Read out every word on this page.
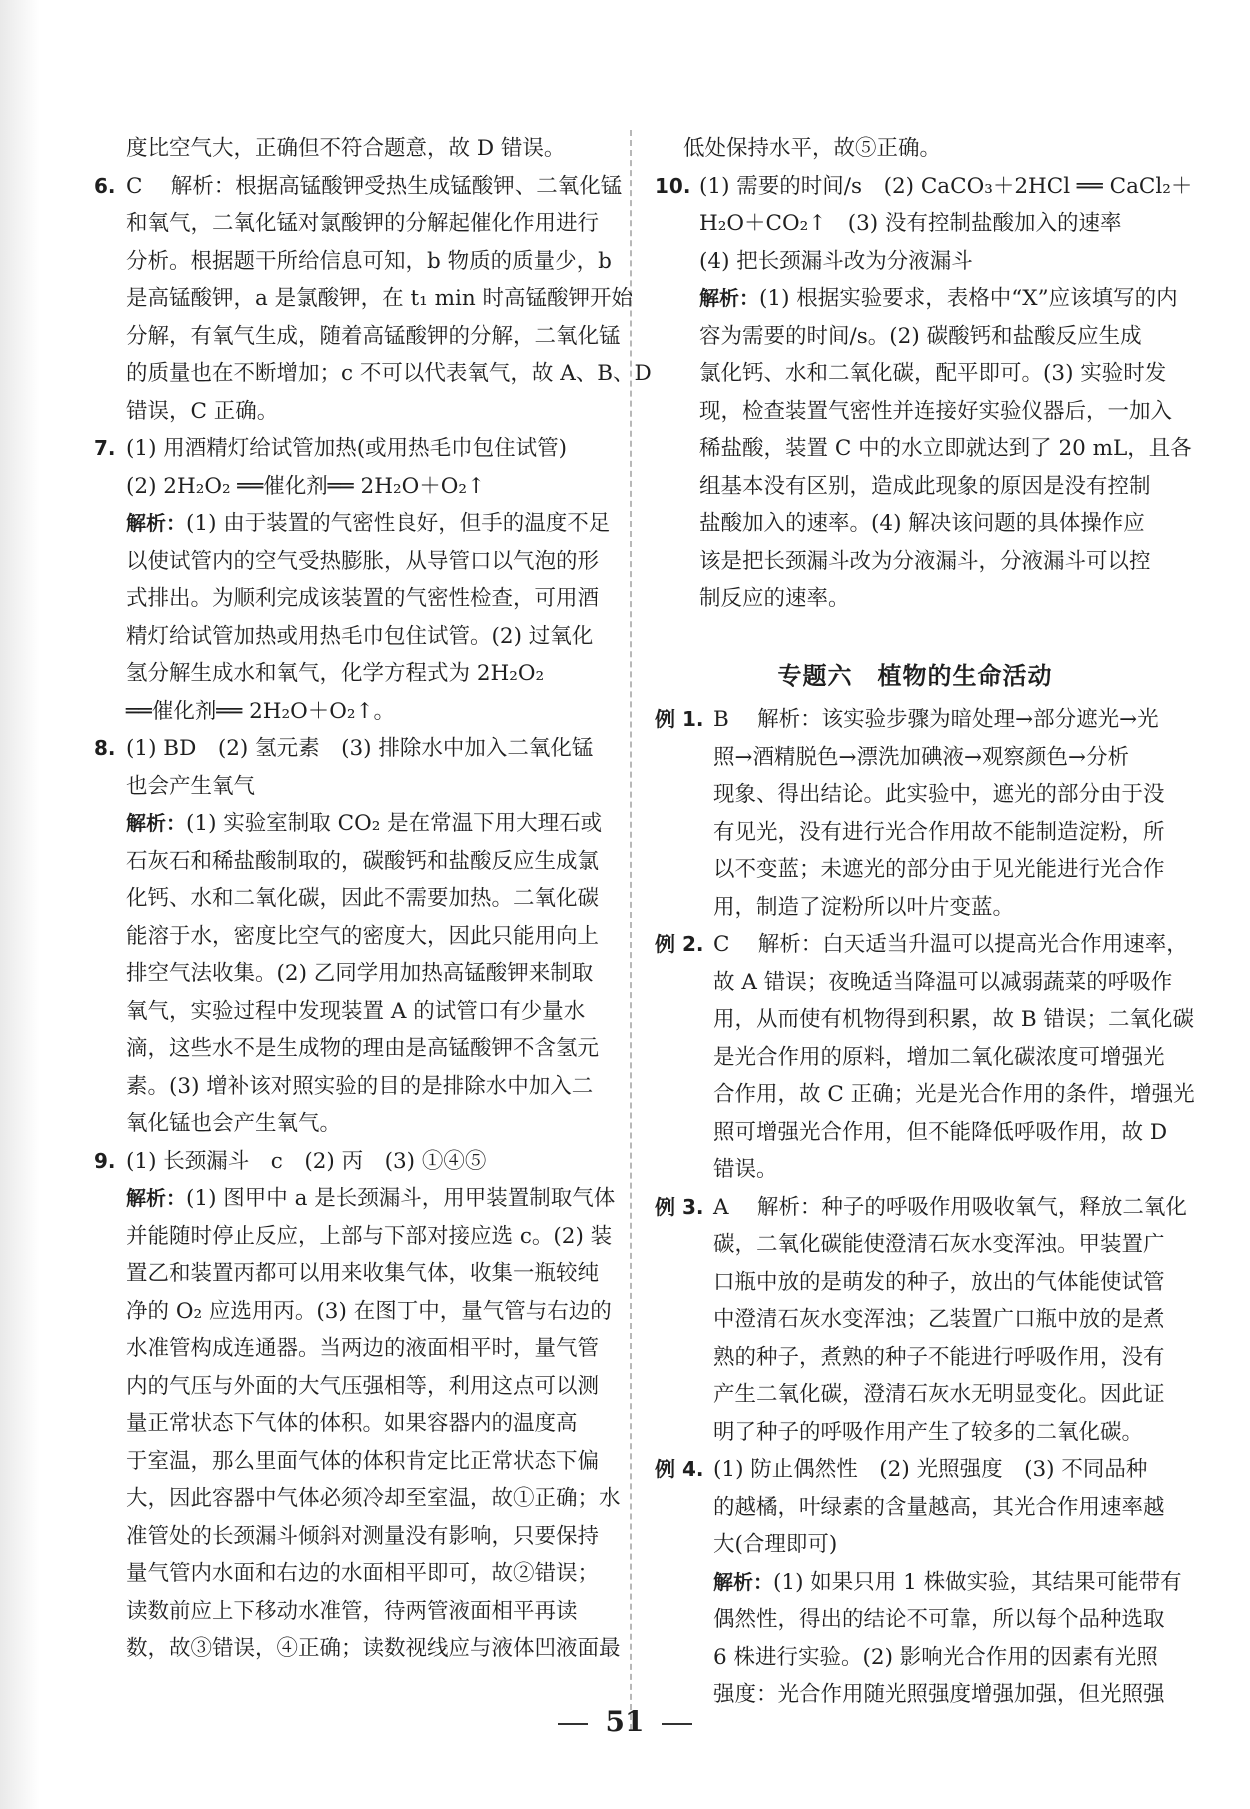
度比空气大，正确但不符合题意，故 D 错误。

6. C　 解析：根据高锰酸钾受热生成锰酸钾、二氧化锰
和氧气，二氧化锰对氯酸钾的分解起催化作用进行
分析。根据题干所给信息可知，b 物质的质量少，b
是高锰酸钾，a 是氯酸钾，在 t₁ min 时高锰酸钾开始
分解，有氧气生成，随着高锰酸钾的分解，二氧化锰
的质量也在不断增加；c 不可以代表氧气，故 A、B、D
错误，C 正确。
7. (1) 用酒精灯给试管加热(或用热毛巾包住试管)
(2) 2H₂O₂ ══催化剂══ 2H₂O＋O₂↑
解析：(1) 由于装置的气密性良好，但手的温度不足
以使试管内的空气受热膨胀，从导管口以气泡的形
式排出。为顺利完成该装置的气密性检查，可用酒
精灯给试管加热或用热毛巾包住试管。(2) 过氧化
氢分解生成水和氧气，化学方程式为 2H₂O₂
══催化剂══ 2H₂O＋O₂↑。
8. (1) BD　(2) 氢元素　(3) 排除水中加入二氧化锰
也会产生氧气
解析：(1) 实验室制取 CO₂ 是在常温下用大理石或
石灰石和稀盐酸制取的，碳酸钙和盐酸反应生成氯
化钙、水和二氧化碳，因此不需要加热。二氧化碳
能溶于水，密度比空气的密度大，因此只能用向上
排空气法收集。(2) 乙同学用加热高锰酸钾来制取
氧气，实验过程中发现装置 A 的试管口有少量水
滴，这些水不是生成物的理由是高锰酸钾不含氢元
素。(3) 增补该对照实验的目的是排除水中加入二
氧化锰也会产生氧气。
9. (1) 长颈漏斗　c　(2) 丙　(3) ①④⑤
解析：(1) 图甲中 a 是长颈漏斗，用甲装置制取气体
并能随时停止反应，上部与下部对接应选 c。(2) 装
置乙和装置丙都可以用来收集气体，收集一瓶较纯
净的 O₂ 应选用丙。(3) 在图丁中，量气管与右边的
水准管构成连通器。当两边的液面相平时，量气管
内的气压与外面的大气压强相等，利用这点可以测
量正常状态下气体的体积。如果容器内的温度高
于室温，那么里面气体的体积肯定比正常状态下偏
大，因此容器中气体必须冷却至室温，故①正确；水
准管处的长颈漏斗倾斜对测量没有影响，只要保持
量气管内水面和右边的水面相平即可，故②错误；
读数前应上下移动水准管，待两管液面相平再读
数，故③错误，④正确；读数视线应与液体凹液面最

低处保持水平，故⑤正确。

10. (1) 需要的时间/s　(2) CaCO₃＋2HCl ══ CaCl₂＋
H₂O＋CO₂↑　(3) 没有控制盐酸加入的速率
(4) 把长颈漏斗改为分液漏斗
解析：(1) 根据实验要求，表格中“X”应该填写的内
容为需要的时间/s。(2) 碳酸钙和盐酸反应生成
氯化钙、水和二氧化碳，配平即可。(3) 实验时发
现，检查装置气密性并连接好实验仪器后，一加入
稀盐酸，装置 C 中的水立即就达到了 20 mL，且各
组基本没有区别，造成此现象的原因是没有控制
盐酸加入的速率。(4) 解决该问题的具体操作应
该是把长颈漏斗改为分液漏斗，分液漏斗可以控
制反应的速率。
专题六　植物的生命活动
例 1. B　 解析：该实验步骤为暗处理→部分遮光→光
照→酒精脱色→漂洗加碘液→观察颜色→分析
现象、得出结论。此实验中，遮光的部分由于没
有见光，没有进行光合作用故不能制造淀粉，所
以不变蓝；未遮光的部分由于见光能进行光合作
用，制造了淀粉所以叶片变蓝。
例 2. C　 解析：白天适当升温可以提高光合作用速率，
故 A 错误；夜晚适当降温可以减弱蔬菜的呼吸作
用，从而使有机物得到积累，故 B 错误；二氧化碳
是光合作用的原料，增加二氧化碳浓度可增强光
合作用，故 C 正确；光是光合作用的条件，增强光
照可增强光合作用，但不能降低呼吸作用，故 D
错误。
例 3. A　 解析：种子的呼吸作用吸收氧气，释放二氧化
碳，二氧化碳能使澄清石灰水变浑浊。甲装置广
口瓶中放的是萌发的种子，放出的气体能使试管
中澄清石灰水变浑浊；乙装置广口瓶中放的是煮
熟的种子，煮熟的种子不能进行呼吸作用，没有
产生二氧化碳，澄清石灰水无明显变化。因此证
明了种子的呼吸作用产生了较多的二氧化碳。
例 4. (1) 防止偶然性　(2) 光照强度　(3) 不同品种
的越橘，叶绿素的含量越高，其光合作用速率越
大(合理即可)
解析：(1) 如果只用 1 株做实验，其结果可能带有
偶然性，得出的结论不可靠，所以每个品种选取
6 株进行实验。(2) 影响光合作用的因素有光照
强度：光合作用随光照强度增强加强，但光照强
51
